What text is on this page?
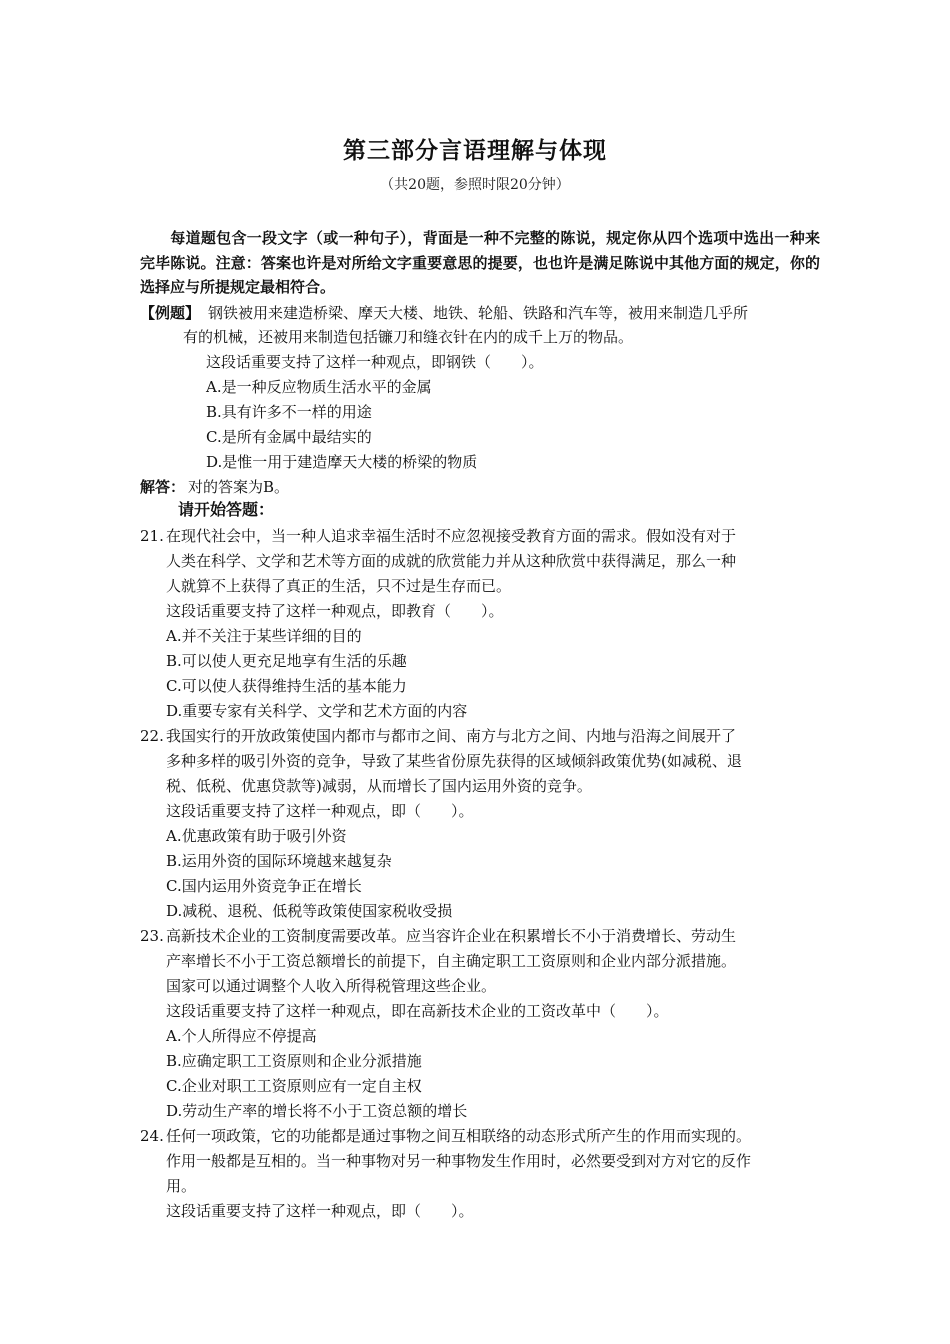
第三部分言语理解与体现
（共20题，参照时限20分钟）
每道题包含一段文字（或一种句子），背面是一种不完整的陈说，规定你从四个选项中选出一种来完毕陈说。注意：答案也许是对所给文字重要意思的提要，也也许是满足陈说中其他方面的规定，你的选择应与所提规定最相符合。
【例题】 钢铁被用来建造桥梁、摩天大楼、地铁、轮船、铁路和汽车等，被用来制造几乎所
有的机械，还被用来制造包括镰刀和缝衣针在内的成千上万的物品。
这段话重要支持了这样一种观点，即钢铁（　　）。
A.是一种反应物质生活水平的金属
B.具有许多不一样的用途
C.是所有金属中最结实的
D.是惟一用于建造摩天大楼的桥梁的物质
解答： 对的答案为B。
请开始答题：
21. 在现代社会中，当一种人追求幸福生活时不应忽视接受教育方面的需求。假如没有对于
人类在科学、文学和艺术等方面的成就的欣赏能力并从这种欣赏中获得满足，那么一种
人就算不上获得了真正的生活，只不过是生存而已。
这段话重要支持了这样一种观点，即教育（　　）。
A.并不关注于某些详细的目的
B.可以使人更充足地享有生活的乐趣
C.可以使人获得维持生活的基本能力
D.重要专家有关科学、文学和艺术方面的内容
22. 我国实行的开放政策使国内都市与都市之间、南方与北方之间、内地与沿海之间展开了
多种多样的吸引外资的竞争，导致了某些省份原先获得的区域倾斜政策优势(如减税、退
税、低税、优惠贷款等)减弱，从而增长了国内运用外资的竞争。
这段话重要支持了这样一种观点，即（　　）。
A.优惠政策有助于吸引外资
B.运用外资的国际环境越来越复杂
C.国内运用外资竞争正在增长
D.减税、退税、低税等政策使国家税收受损
23. 高新技术企业的工资制度需要改革。应当容许企业在积累增长不小于消费增长、劳动生
产率增长不小于工资总额增长的前提下，自主确定职工工资原则和企业内部分派措施。
国家可以通过调整个人收入所得税管理这些企业。
这段话重要支持了这样一种观点，即在高新技术企业的工资改革中（　　）。
A.个人所得应不停提高
B.应确定职工工资原则和企业分派措施
C.企业对职工工资原则应有一定自主权
D.劳动生产率的增长将不小于工资总额的增长
24. 任何一项政策，它的功能都是通过事物之间互相联络的动态形式所产生的作用而实现的。
作用一般都是互相的。当一种事物对另一种事物发生作用时，必然要受到对方对它的反作
用。
这段话重要支持了这样一种观点，即（　　）。
